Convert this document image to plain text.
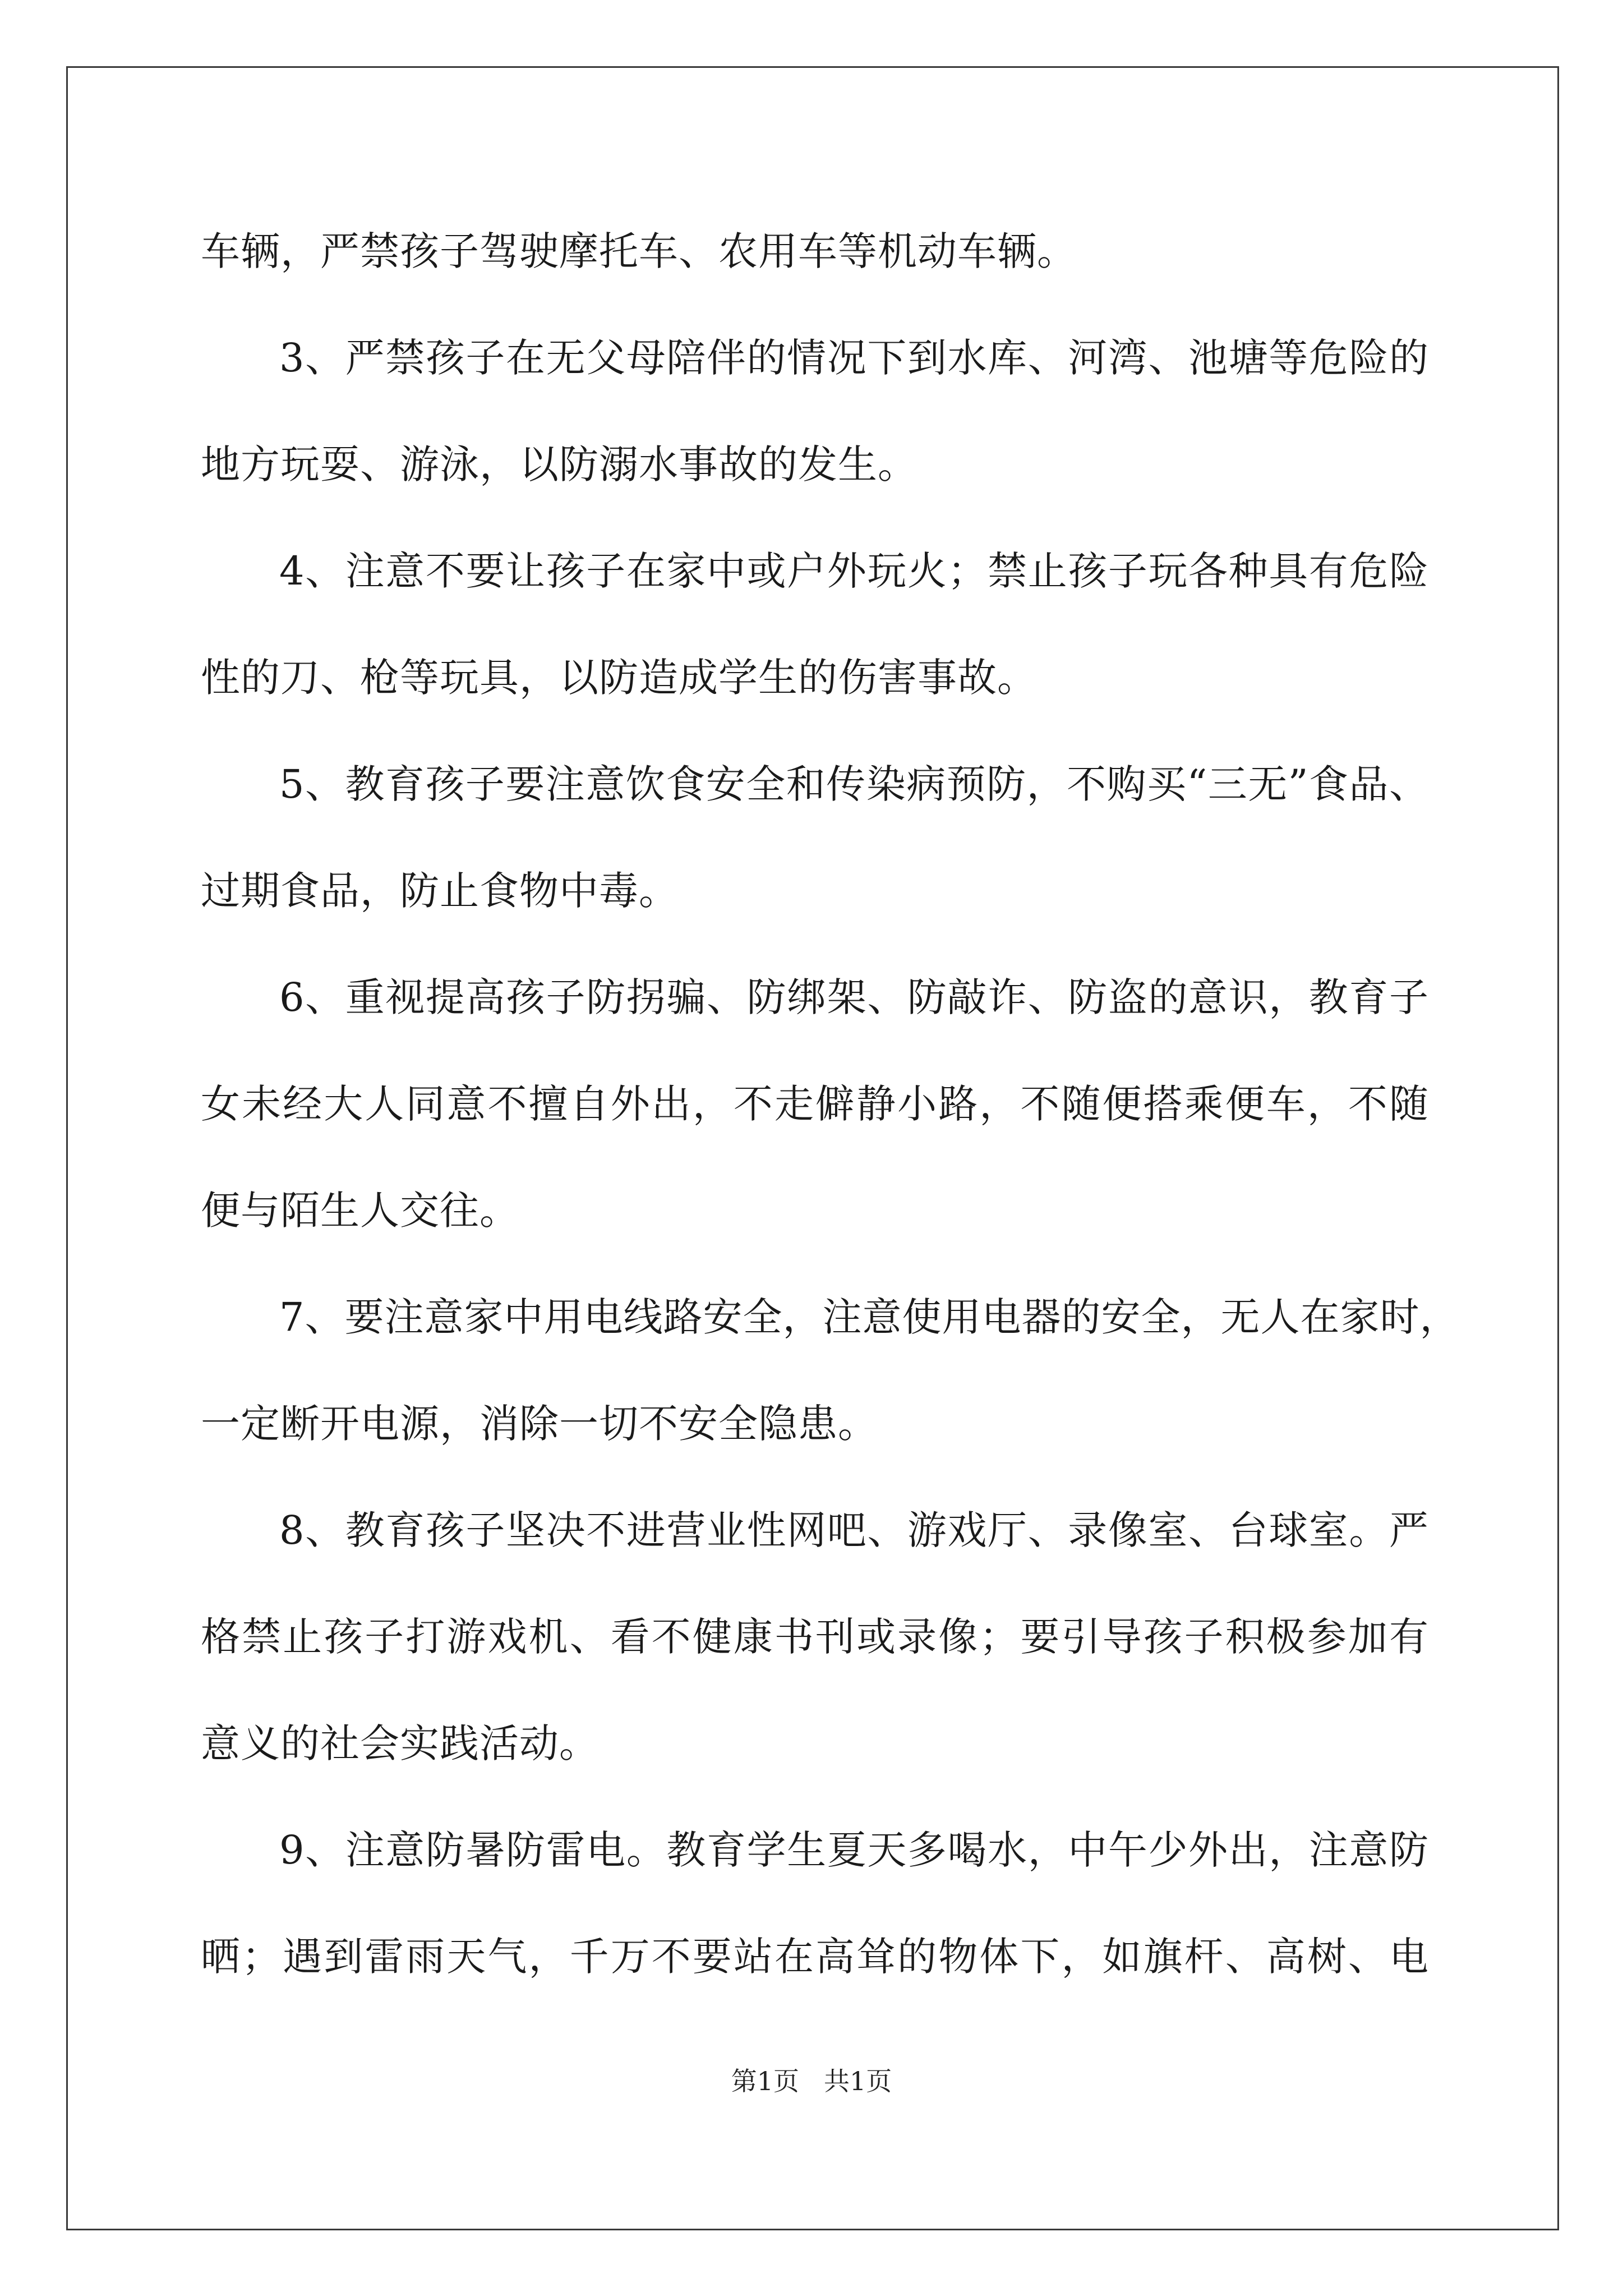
车辆，严禁孩子驾驶摩托车、农用车等机动车辆。
3、严禁孩子在无父母陪伴的情况下到水库、河湾、池塘等危险的
地方玩耍、游泳，以防溺水事故的发生。
4、注意不要让孩子在家中或户外玩火；禁止孩子玩各种具有危险
性的刀、枪等玩具，以防造成学生的伤害事故。
5、教育孩子要注意饮食安全和传染病预防，不购买“三无”食品、
过期食品，防止食物中毒。
6、重视提高孩子防拐骗、防绑架、防敲诈、防盗的意识，教育子
女未经大人同意不擅自外出，不走僻静小路，不随便搭乘便车，不随
便与陌生人交往。
7、要注意家中用电线路安全，注意使用电器的安全，无人在家时，
一定断开电源，消除一切不安全隐患。
8、教育孩子坚决不进营业性网吧、游戏厅、录像室、台球室。严
格禁止孩子打游戏机、看不健康书刊或录像；要引导孩子积极参加有
意义的社会实践活动。
9、注意防暑防雷电。教育学生夏天多喝水，中午少外出，注意防
晒；遇到雷雨天气，千万不要站在高耸的物体下，如旗杆、高树、电
第1页 共1页
